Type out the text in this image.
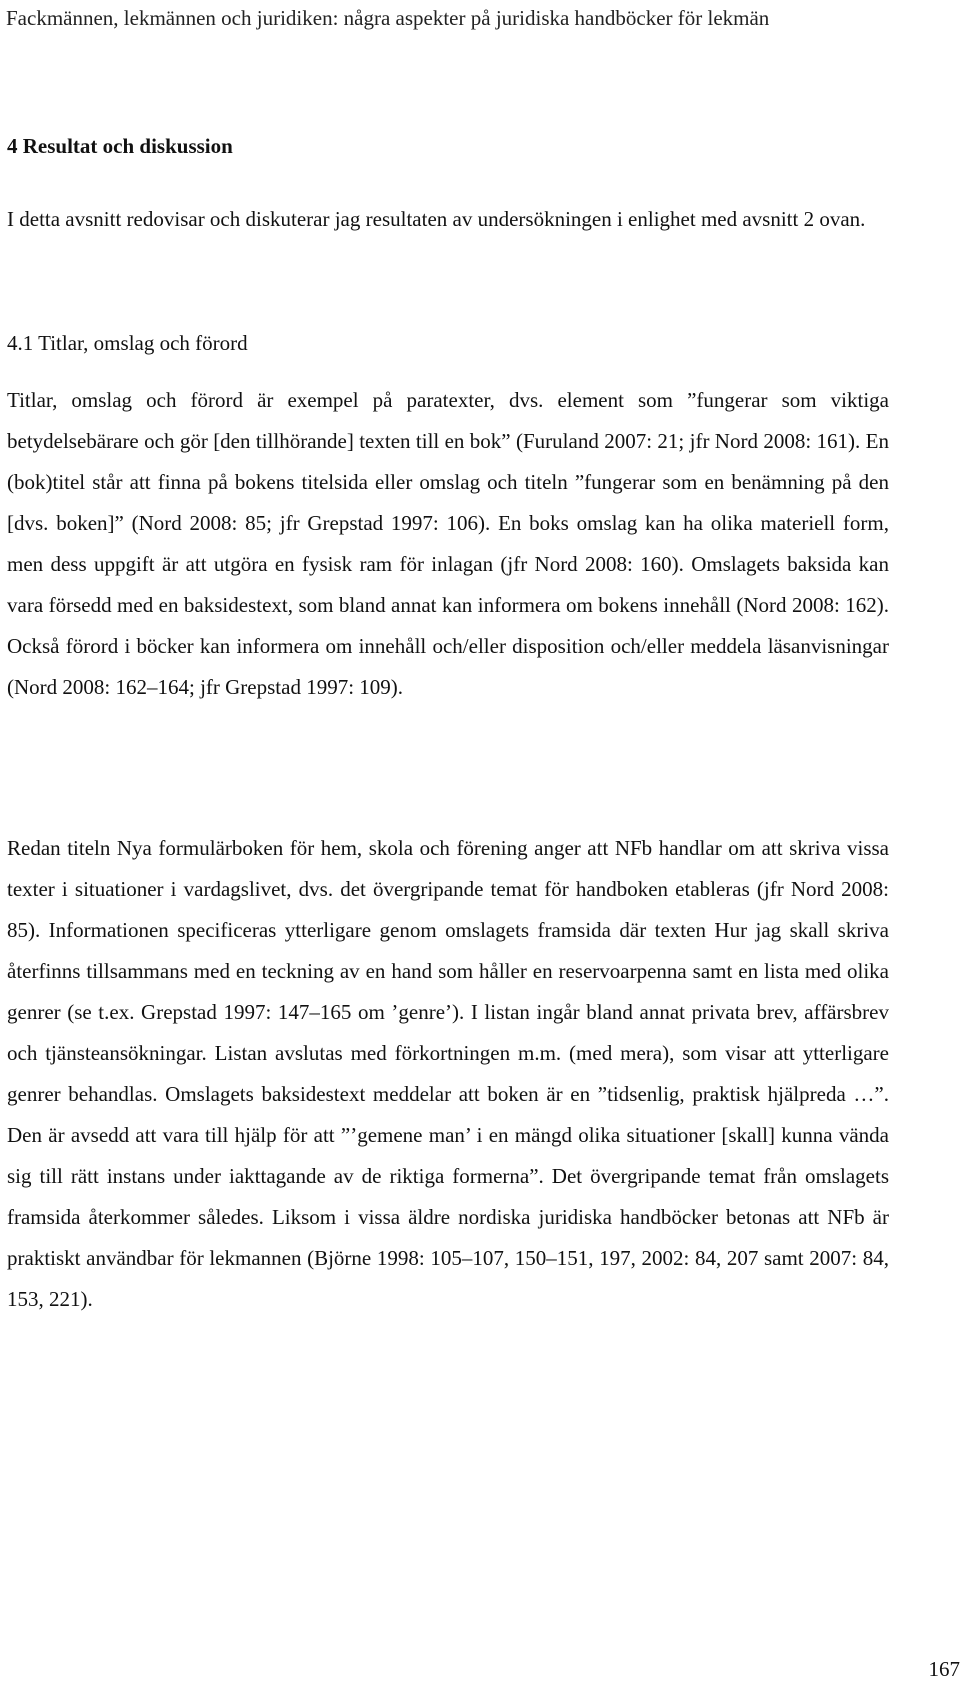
Fackmännen, lekmännen och juridiken: några aspekter på juridiska handböcker för lekmän
4 Resultat och diskussion
I detta avsnitt redovisar och diskuterar jag resultaten av undersökningen i enlighet med avsnitt 2 ovan.
4.1 Titlar, omslag och förord

Titlar, omslag och förord är exempel på paratexter, dvs. element som ”fungerar som viktiga betydelsebärare och gör [den tillhörande] texten till en bok” (Furuland 2007: 21; jfr Nord 2008: 161). En (bok)titel står att finna på bokens titelsida eller omslag och titeln ”fungerar som en benämning på den [dvs. boken]” (Nord 2008: 85; jfr Grepstad 1997: 106). En boks omslag kan ha olika materiell form, men dess uppgift är att utgöra en fysisk ram för inlagan (jfr Nord 2008: 160). Omslagets baksida kan vara försedd med en baksidestext, som bland annat kan informera om bokens innehåll (Nord 2008: 162). Också förord i böcker kan informera om innehåll och/eller disposition och/eller meddela läsanvisningar (Nord 2008: 162–164; jfr Grepstad 1997: 109).

Redan titeln Nya formulärboken för hem, skola och förening anger att NFb handlar om att skriva vissa texter i situationer i vardagslivet, dvs. det övergripande temat för handboken etableras (jfr Nord 2008: 85). Informationen specificeras ytterligare genom omslagets framsida där texten Hur jag skall skriva återfinns tillsammans med en teckning av en hand som håller en reservoarpenna samt en lista med olika genrer (se t.ex. Grepstad 1997: 147–165 om ’genre’). I listan ingår bland annat privata brev, affärsbrev och tjänsteansökningar. Listan avslutas med förkortningen m.m. (med mera), som visar att ytterligare genrer behandlas. Omslagets baksidestext meddelar att boken är en ”tidsenlig, praktisk hjälpreda …”. Den är avsedd att vara till hjälp för att ”’gemene man’ i en mängd olika situationer [skall] kunna vända sig till rätt instans under iakttagande av de riktiga formerna”. Det övergripande temat från omslagets framsida återkommer således. Liksom i vissa äldre nordiska juridiska handböcker betonas att NFb är praktiskt användbar för lekmannen (Björne 1998: 105–107, 150–151, 197, 2002: 84, 207 samt 2007: 84, 153, 221).

167
